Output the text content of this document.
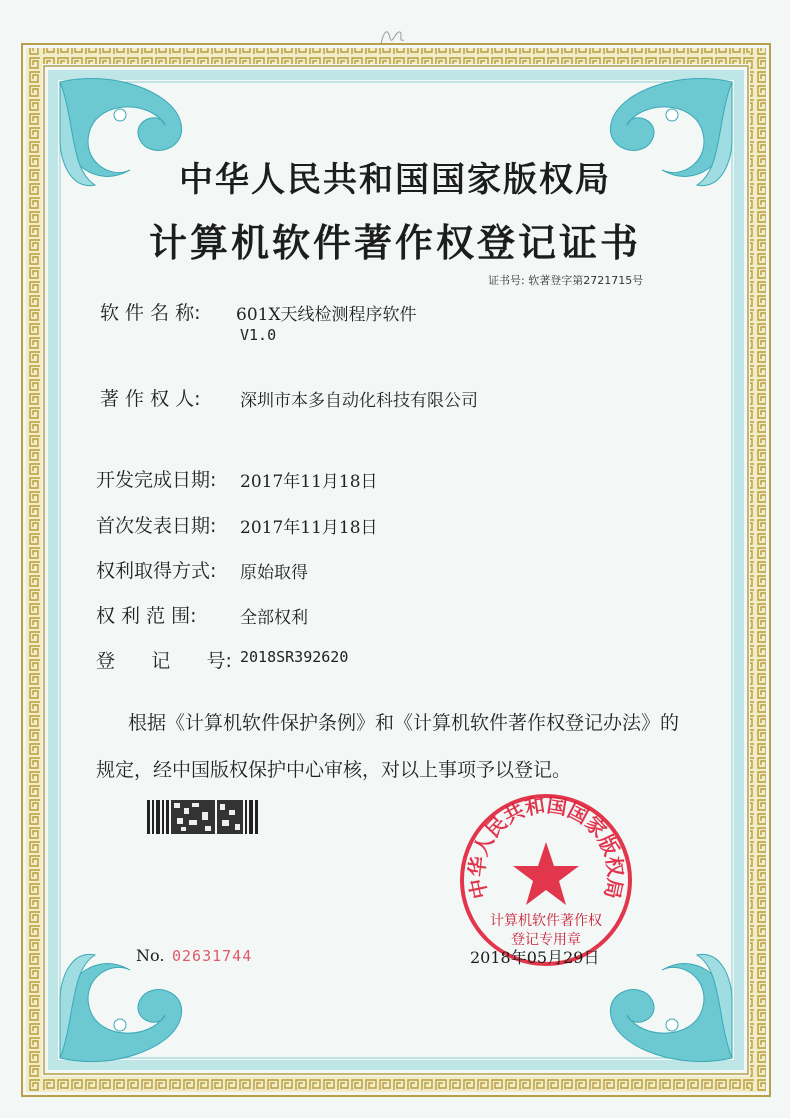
中华人民共和国国家版权局
计算机软件著作权登记证书
证书号: 软著登字第2721715号
软 件 名 称: 601X天线检测程序软件
V1.0
著 作 权 人: 深圳市本多自动化科技有限公司
开发完成日期: 2017年11月18日
首次发表日期: 2017年11月18日
权利取得方式: 原始取得
权 利 范 围:	全部权利
登      记      号: 2018SR392620
根据《计算机软件保护条例》和《计算机软件著作权登记办法》的
规定，经中国版权保护中心审核，对以上事项予以登记。
中华人民共和国国家版权局
计算机软件著作权
登记专用章
No. 02631744	2018年05月29日
